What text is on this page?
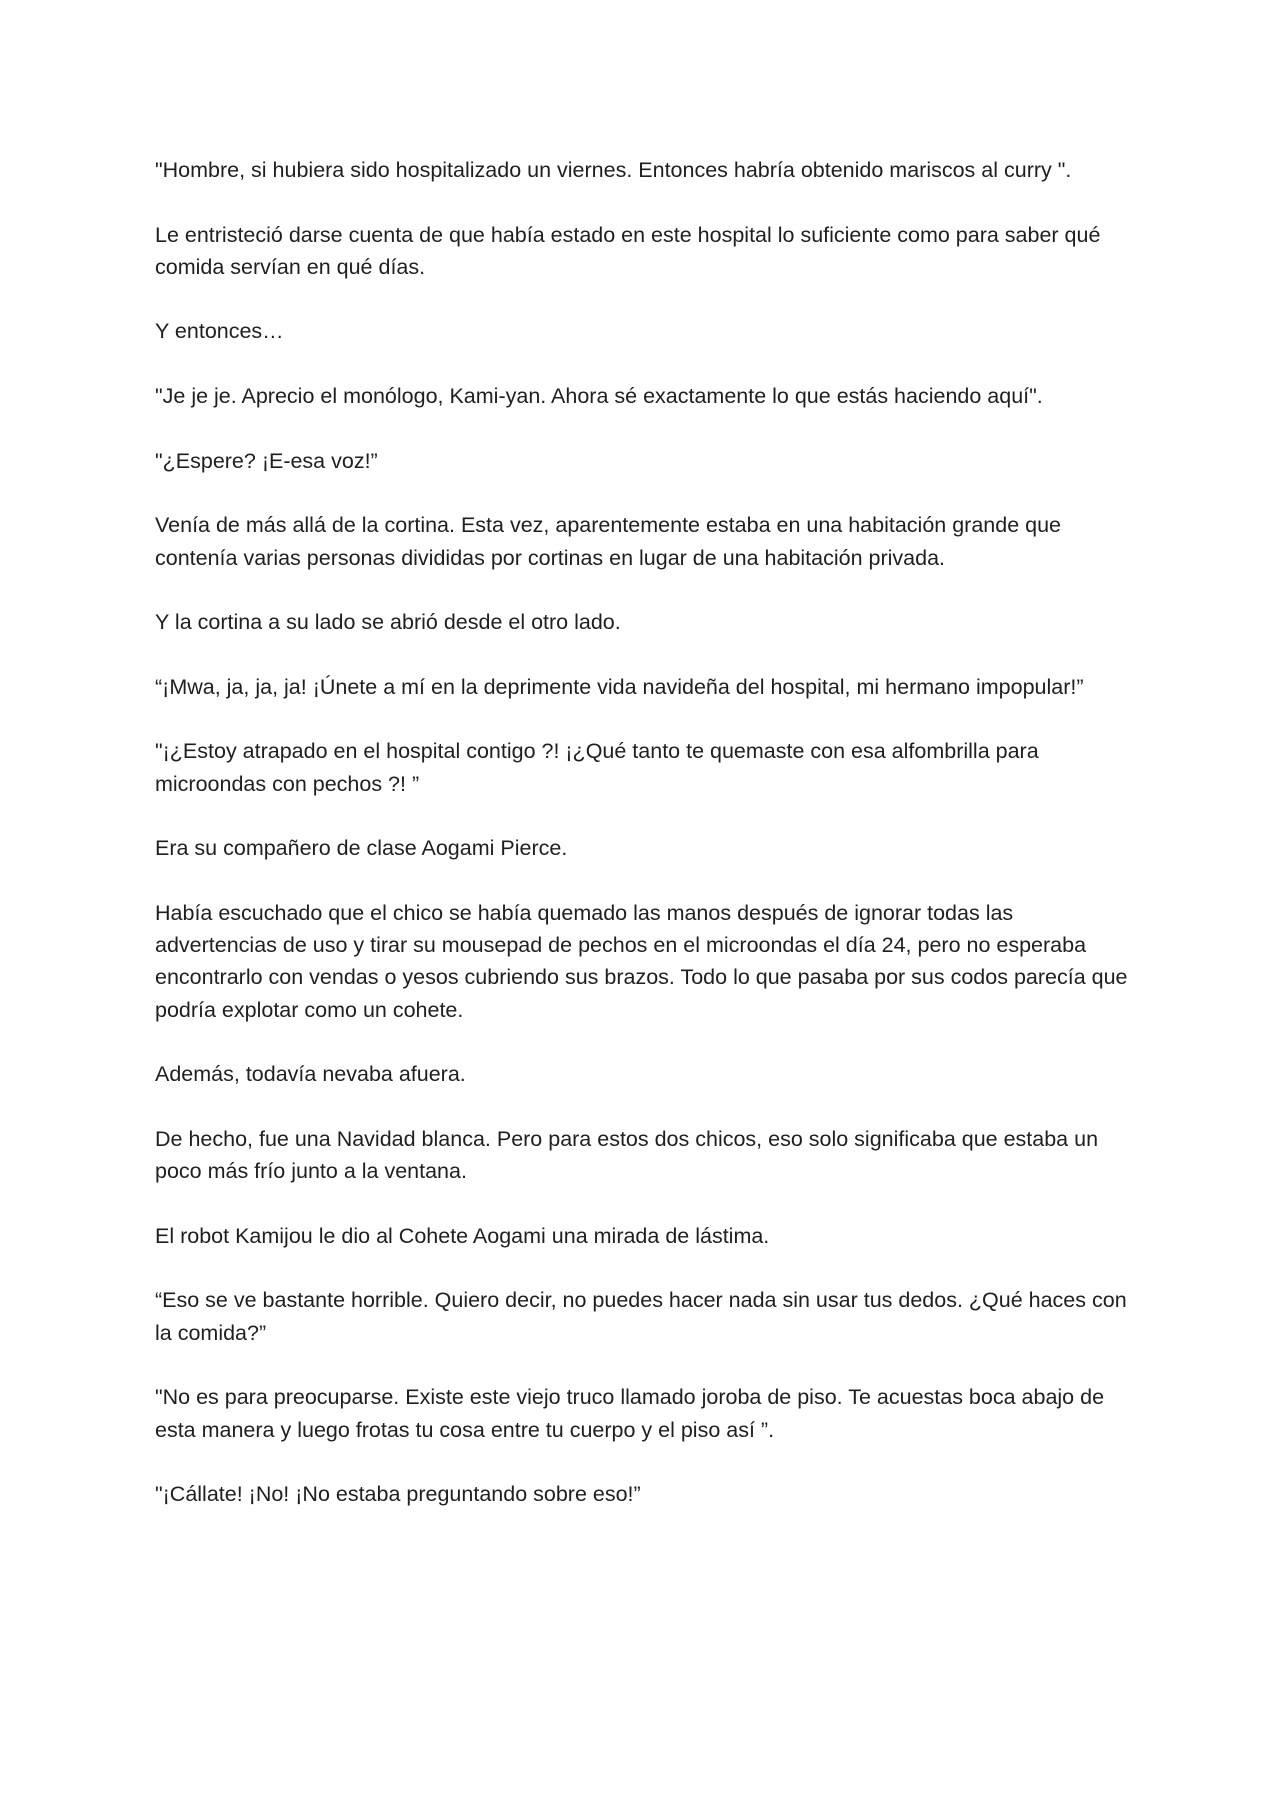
"Hombre, si hubiera sido hospitalizado un viernes. Entonces habría obtenido mariscos al curry ".

Le entristeció darse cuenta de que había estado en este hospital lo suficiente como para saber qué comida servían en qué días.

Y entonces…

"Je je je. Aprecio el monólogo, Kami-yan. Ahora sé exactamente lo que estás haciendo aquí".

"¿Espere? ¡E-esa voz!”

Venía de más allá de la cortina. Esta vez, aparentemente estaba en una habitación grande que contenía varias personas divididas por cortinas en lugar de una habitación privada.

Y la cortina a su lado se abrió desde el otro lado.

“¡Mwa, ja, ja, ja! ¡Únete a mí en la deprimente vida navideña del hospital, mi hermano impopular!”

"¡¿Estoy atrapado en el hospital contigo ?! ¡¿Qué tanto te quemaste con esa alfombrilla para microondas con pechos ?! ”

Era su compañero de clase Aogami Pierce.

Había escuchado que el chico se había quemado las manos después de ignorar todas las advertencias de uso y tirar su mousepad de pechos en el microondas el día 24, pero no esperaba encontrarlo con vendas o yesos cubriendo sus brazos. Todo lo que pasaba por sus codos parecía que podría explotar como un cohete.

Además, todavía nevaba afuera.

De hecho, fue una Navidad blanca. Pero para estos dos chicos, eso solo significaba que estaba un poco más frío junto a la ventana.

El robot Kamijou le dio al Cohete Aogami una mirada de lástima.

“Eso se ve bastante horrible. Quiero decir, no puedes hacer nada sin usar tus dedos. ¿Qué haces con la comida?”

"No es para preocuparse. Existe este viejo truco llamado joroba de piso. Te acuestas boca abajo de esta manera y luego frotas tu cosa entre tu cuerpo y el piso así ”.

"¡Cállate! ¡No! ¡No estaba preguntando sobre eso!”
